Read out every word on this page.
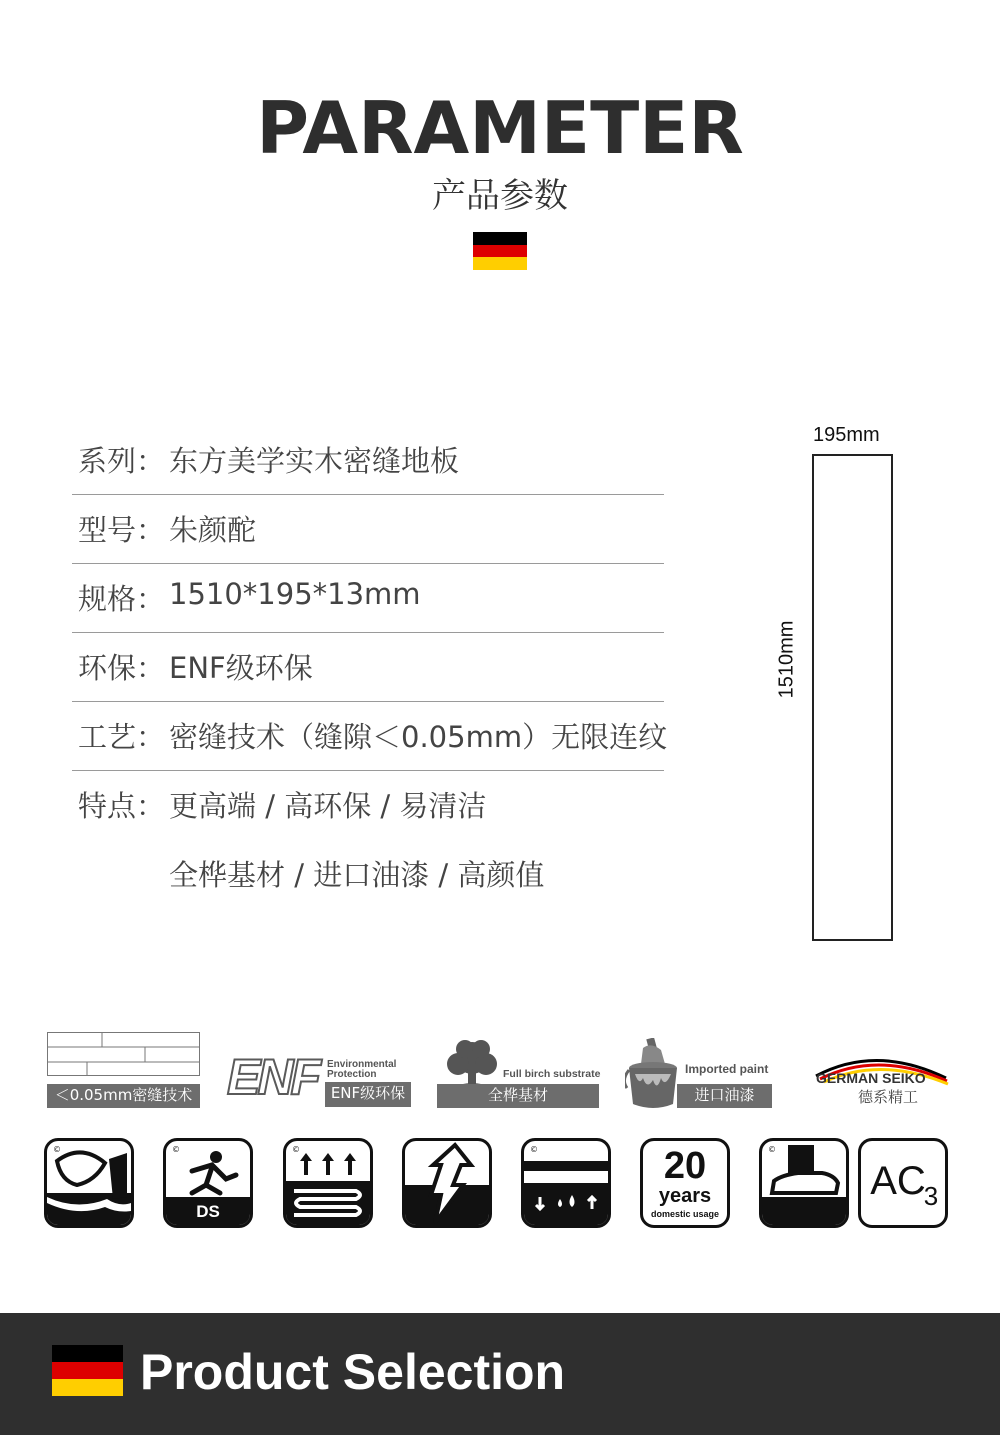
PARAMETER
产品参数
系列： 东方美学实木密缝地板
型号： 朱颜酡
规格： 1510*195*13mm
环保： ENF级环保
工艺： 密缝技术（缝隙＜0.05mm）无限连纹
特点： 更高端 / 高环保 / 易清洁
全桦基材 / 进口油漆 / 高颜值
195mm
1510mm
＜0.05mm密缝技术 ENF Environmental Protection
ENF级环保
Full birch substrate
全桦基材
Imported paint
进口油漆
GERMAN SEIKO
德系精工
©	©
DS
©	©	20
years
domestic usage
©
AC
3
Product Selection
